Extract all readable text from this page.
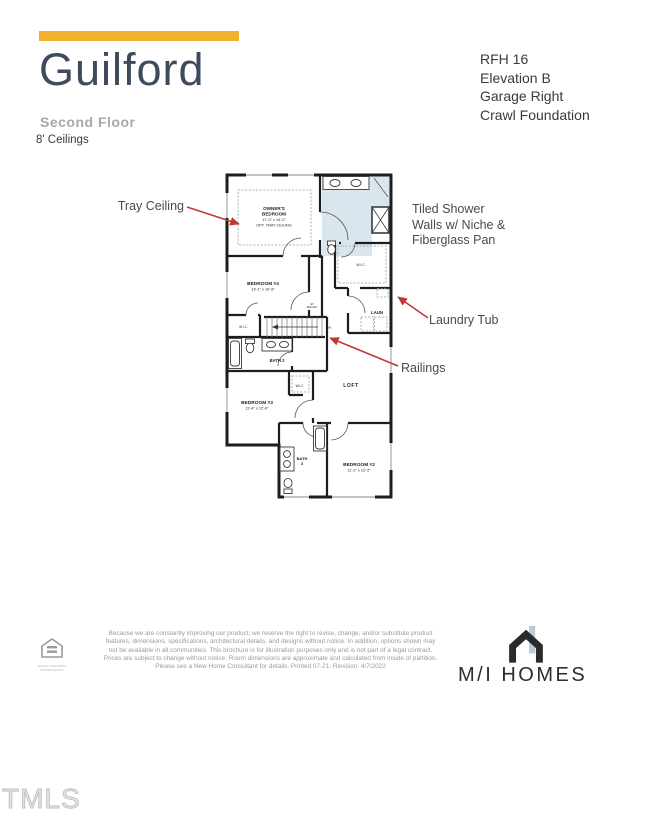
Guilford
Second Floor
8' Ceilings
RFH 16
Elevation B
Garage Right
Crawl Foundation
OWNER'S
BEDROOM
17'-0" x 14'-2"
OPT. TRAY CEILING
BEDROOM #4
13'-1" x 10'-8"
W.I.C.
LAUN
42"
RAILING
DN
W.I.C.
BATH 2
W.I.C.
BEDROOM #3
11'-4" x 12'-6"
LOFT
BATH
3	BEDROOM #2
11'-2" x 12'-2"
Tray Ceiling	Tiled Shower
Walls w/ Niche &
Fiberglass Pan
Laundry Tub
Railings
EQUAL HOUSING
OPPORTUNITY
Because we are constantly improving our product, we reserve the right to revise, change, and/or substitute product features, dimensions, specifications, architectural details, and designs without notice. In addition, options shown may not be available in all communities. This brochure is for illustration purposes only and is not part of a legal contract. Prices are subject to change without notice. Room dimensions are approximate and calculated from inside of partition. Please see a New Home Consultant for details. Printed 07-21. Revision: 4/7/2022	M/I HOMES
TMLS
